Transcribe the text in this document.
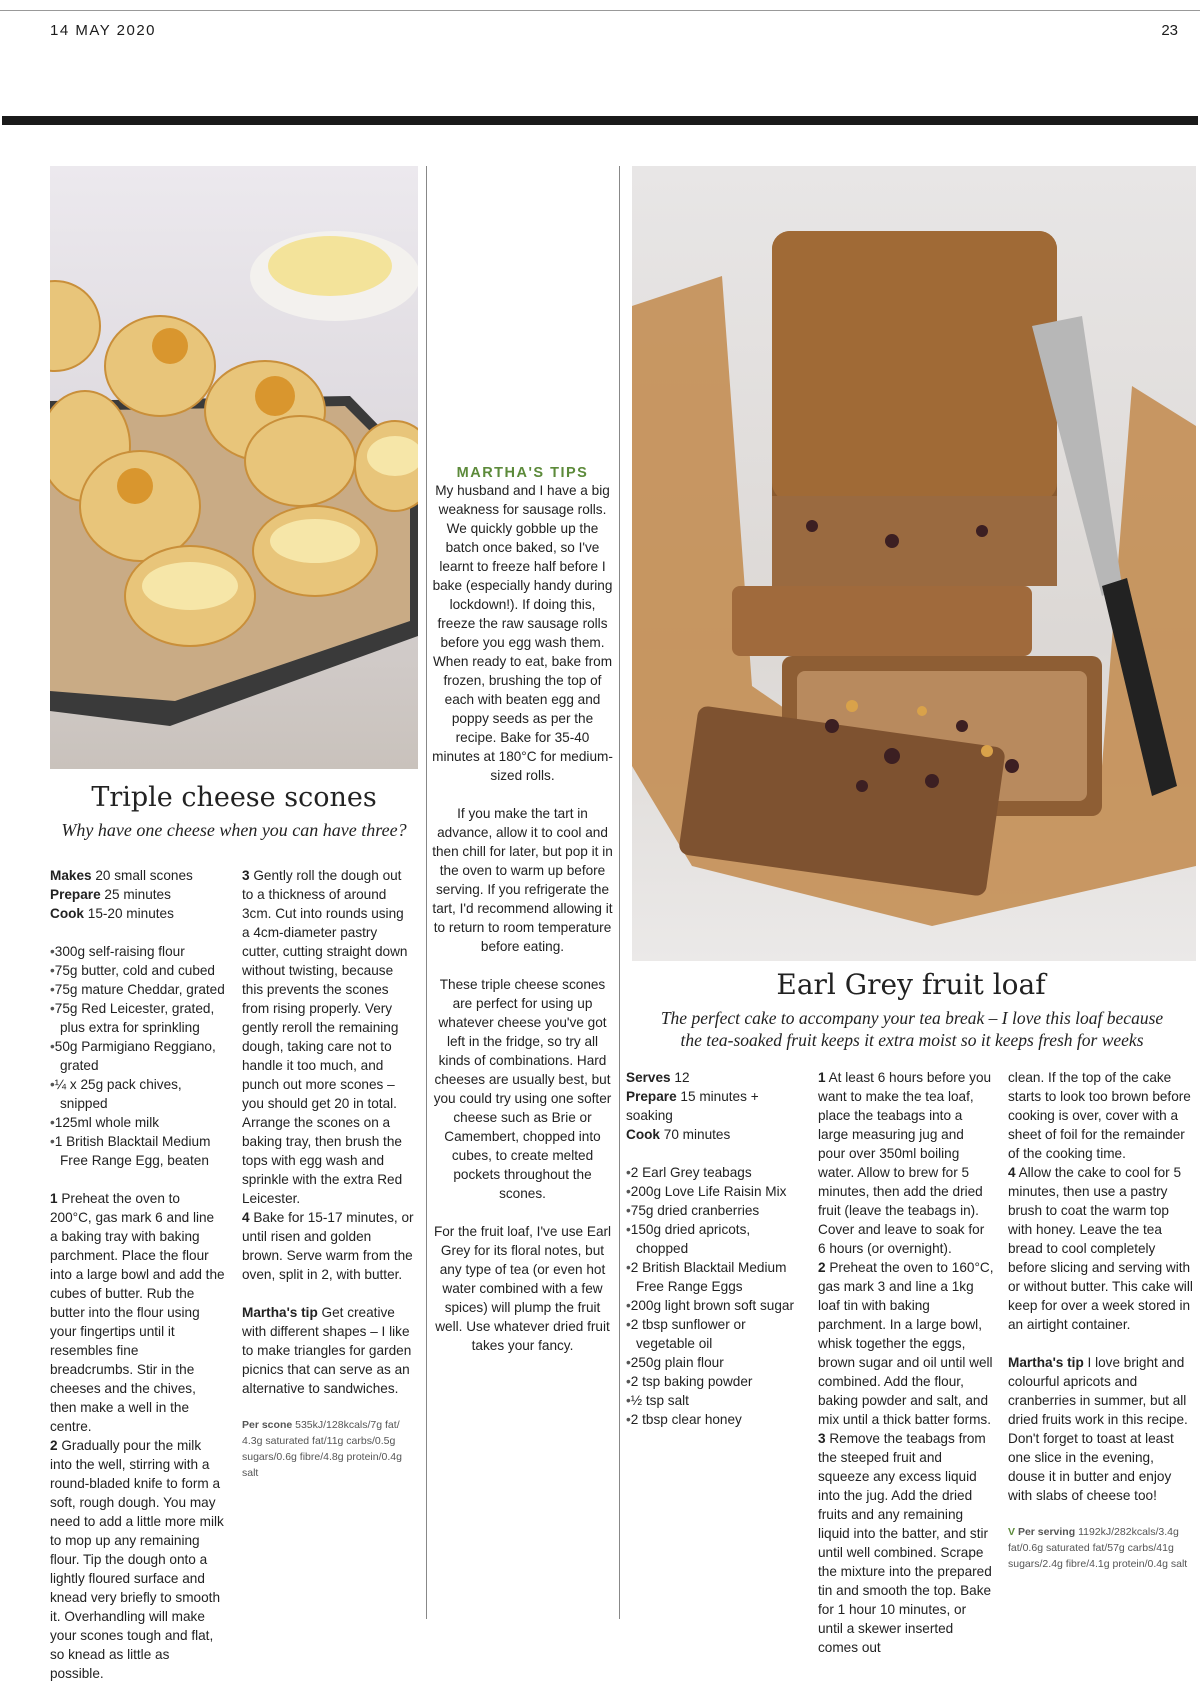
14 MAY 2020	23
Triple cheese scones
Why have one cheese when you can have three?
Makes 20 small scones
Prepare 25 minutes
Cook 15-20 minutes
• 300g self-raising flour
• 75g butter, cold and cubed
• 75g mature Cheddar, grated
• 75g Red Leicester, grated, plus extra for sprinkling
• 50g Parmigiano Reggiano, grated
• ¼ x 25g pack chives, snipped
• 125ml whole milk
• 1 British Blacktail Medium Free Range Egg, beaten

1 Preheat the oven to 200°C, gas mark 6 and line a baking tray with baking parchment. Place the flour into a large bowl and add the cubes of butter. Rub the butter into the flour using your fingertips until it resembles fine breadcrumbs. Stir in the cheeses and the chives, then make a well in the centre.

2 Gradually pour the milk into the well, stirring with a round-bladed knife to form a soft, rough dough. You may need to add a little more milk to mop up any remaining flour. Tip the dough onto a lightly floured surface and knead very briefly to smooth it. Overhandling will make your scones tough and flat, so knead as little as possible.

3 Gently roll the dough out to a thickness of around 3cm. Cut into rounds using a 4cm-diameter pastry cutter, cutting straight down without twisting, because this prevents the scones from rising properly. Very gently reroll the remaining dough, taking care not to handle it too much, and punch out more scones – you should get 20 in total. Arrange the scones on a baking tray, then brush the tops with egg wash and sprinkle with the extra Red Leicester.

4 Bake for 15-17 minutes, or until risen and golden brown. Serve warm from the oven, split in 2, with butter.

Martha's tip Get creative with different shapes – I like to make triangles for garden picnics that can serve as an alternative to sandwiches.

Per scone 535kJ/128kcals/7g fat/ 4.3g saturated fat/11g carbs/0.5g sugars/0.6g fibre/4.8g protein/0.4g salt

MARTHA'S TIPS

My husband and I have a big weakness for sausage rolls. We quickly gobble up the batch once baked, so I've learnt to freeze half before I bake (especially handy during lockdown!). If doing this, freeze the raw sausage rolls before you egg wash them. When ready to eat, bake from frozen, brushing the top of each with beaten egg and poppy seeds as per the recipe. Bake for 35-40 minutes at 180°C for medium-sized rolls.

If you make the tart in advance, allow it to cool and then chill for later, but pop it in the oven to warm up before serving. If you refrigerate the tart, I'd recommend allowing it to return to room temperature before eating.

These triple cheese scones are perfect for using up whatever cheese you've got left in the fridge, so try all kinds of combinations. Hard cheeses are usually best, but you could try using one softer cheese such as Brie or Camembert, chopped into cubes, to create melted pockets throughout the scones.

For the fruit loaf, I've use Earl Grey for its floral notes, but any type of tea (or even hot water combined with a few spices) will plump the fruit well. Use whatever dried fruit takes your fancy.

Earl Grey fruit loaf
The perfect cake to accompany your tea break – I love this loaf because the tea-soaked fruit keeps it extra moist so it keeps fresh for weeks
Serves 12
Prepare 15 minutes + soaking
Cook 70 minutes
• 2 Earl Grey teabags
• 200g Love Life Raisin Mix
• 75g dried cranberries
• 150g dried apricots, chopped
• 2 British Blacktail Medium Free Range Eggs
• 200g light brown soft sugar
• 2 tbsp sunflower or vegetable oil
• 250g plain flour
• 2 tsp baking powder
• ½ tsp salt
• 2 tbsp clear honey

1 At least 6 hours before you want to make the tea loaf, place the teabags into a large measuring jug and pour over 350ml boiling water. Allow to brew for 5 minutes, then add the dried fruit (leave the teabags in). Cover and leave to soak for 6 hours (or overnight).

2 Preheat the oven to 160°C, gas mark 3 and line a 1kg loaf tin with baking parchment. In a large bowl, whisk together the eggs, brown sugar and oil until well combined. Add the flour, baking powder and salt, and mix until a thick batter forms.

3 Remove the teabags from the steeped fruit and squeeze any excess liquid into the jug. Add the dried fruits and any remaining liquid into the batter, and stir until well combined. Scrape the mixture into the prepared tin and smooth the top. Bake for 1 hour 10 minutes, or until a skewer inserted comes out

clean. If the top of the cake starts to look too brown before cooking is over, cover with a sheet of foil for the remainder of the cooking time.

4 Allow the cake to cool for 5 minutes, then use a pastry brush to coat the warm top with honey. Leave the tea bread to cool completely before slicing and serving with or without butter. This cake will keep for over a week stored in an airtight container.

Martha's tip I love bright and colourful apricots and cranberries in summer, but all dried fruits work in this recipe. Don't forget to toast at least one slice in the evening, douse it in butter and enjoy with slabs of cheese too!

V Per serving 1192kJ/282kcals/3.4g fat/0.6g saturated fat/57g carbs/41g sugars/2.4g fibre/4.1g protein/0.4g salt
